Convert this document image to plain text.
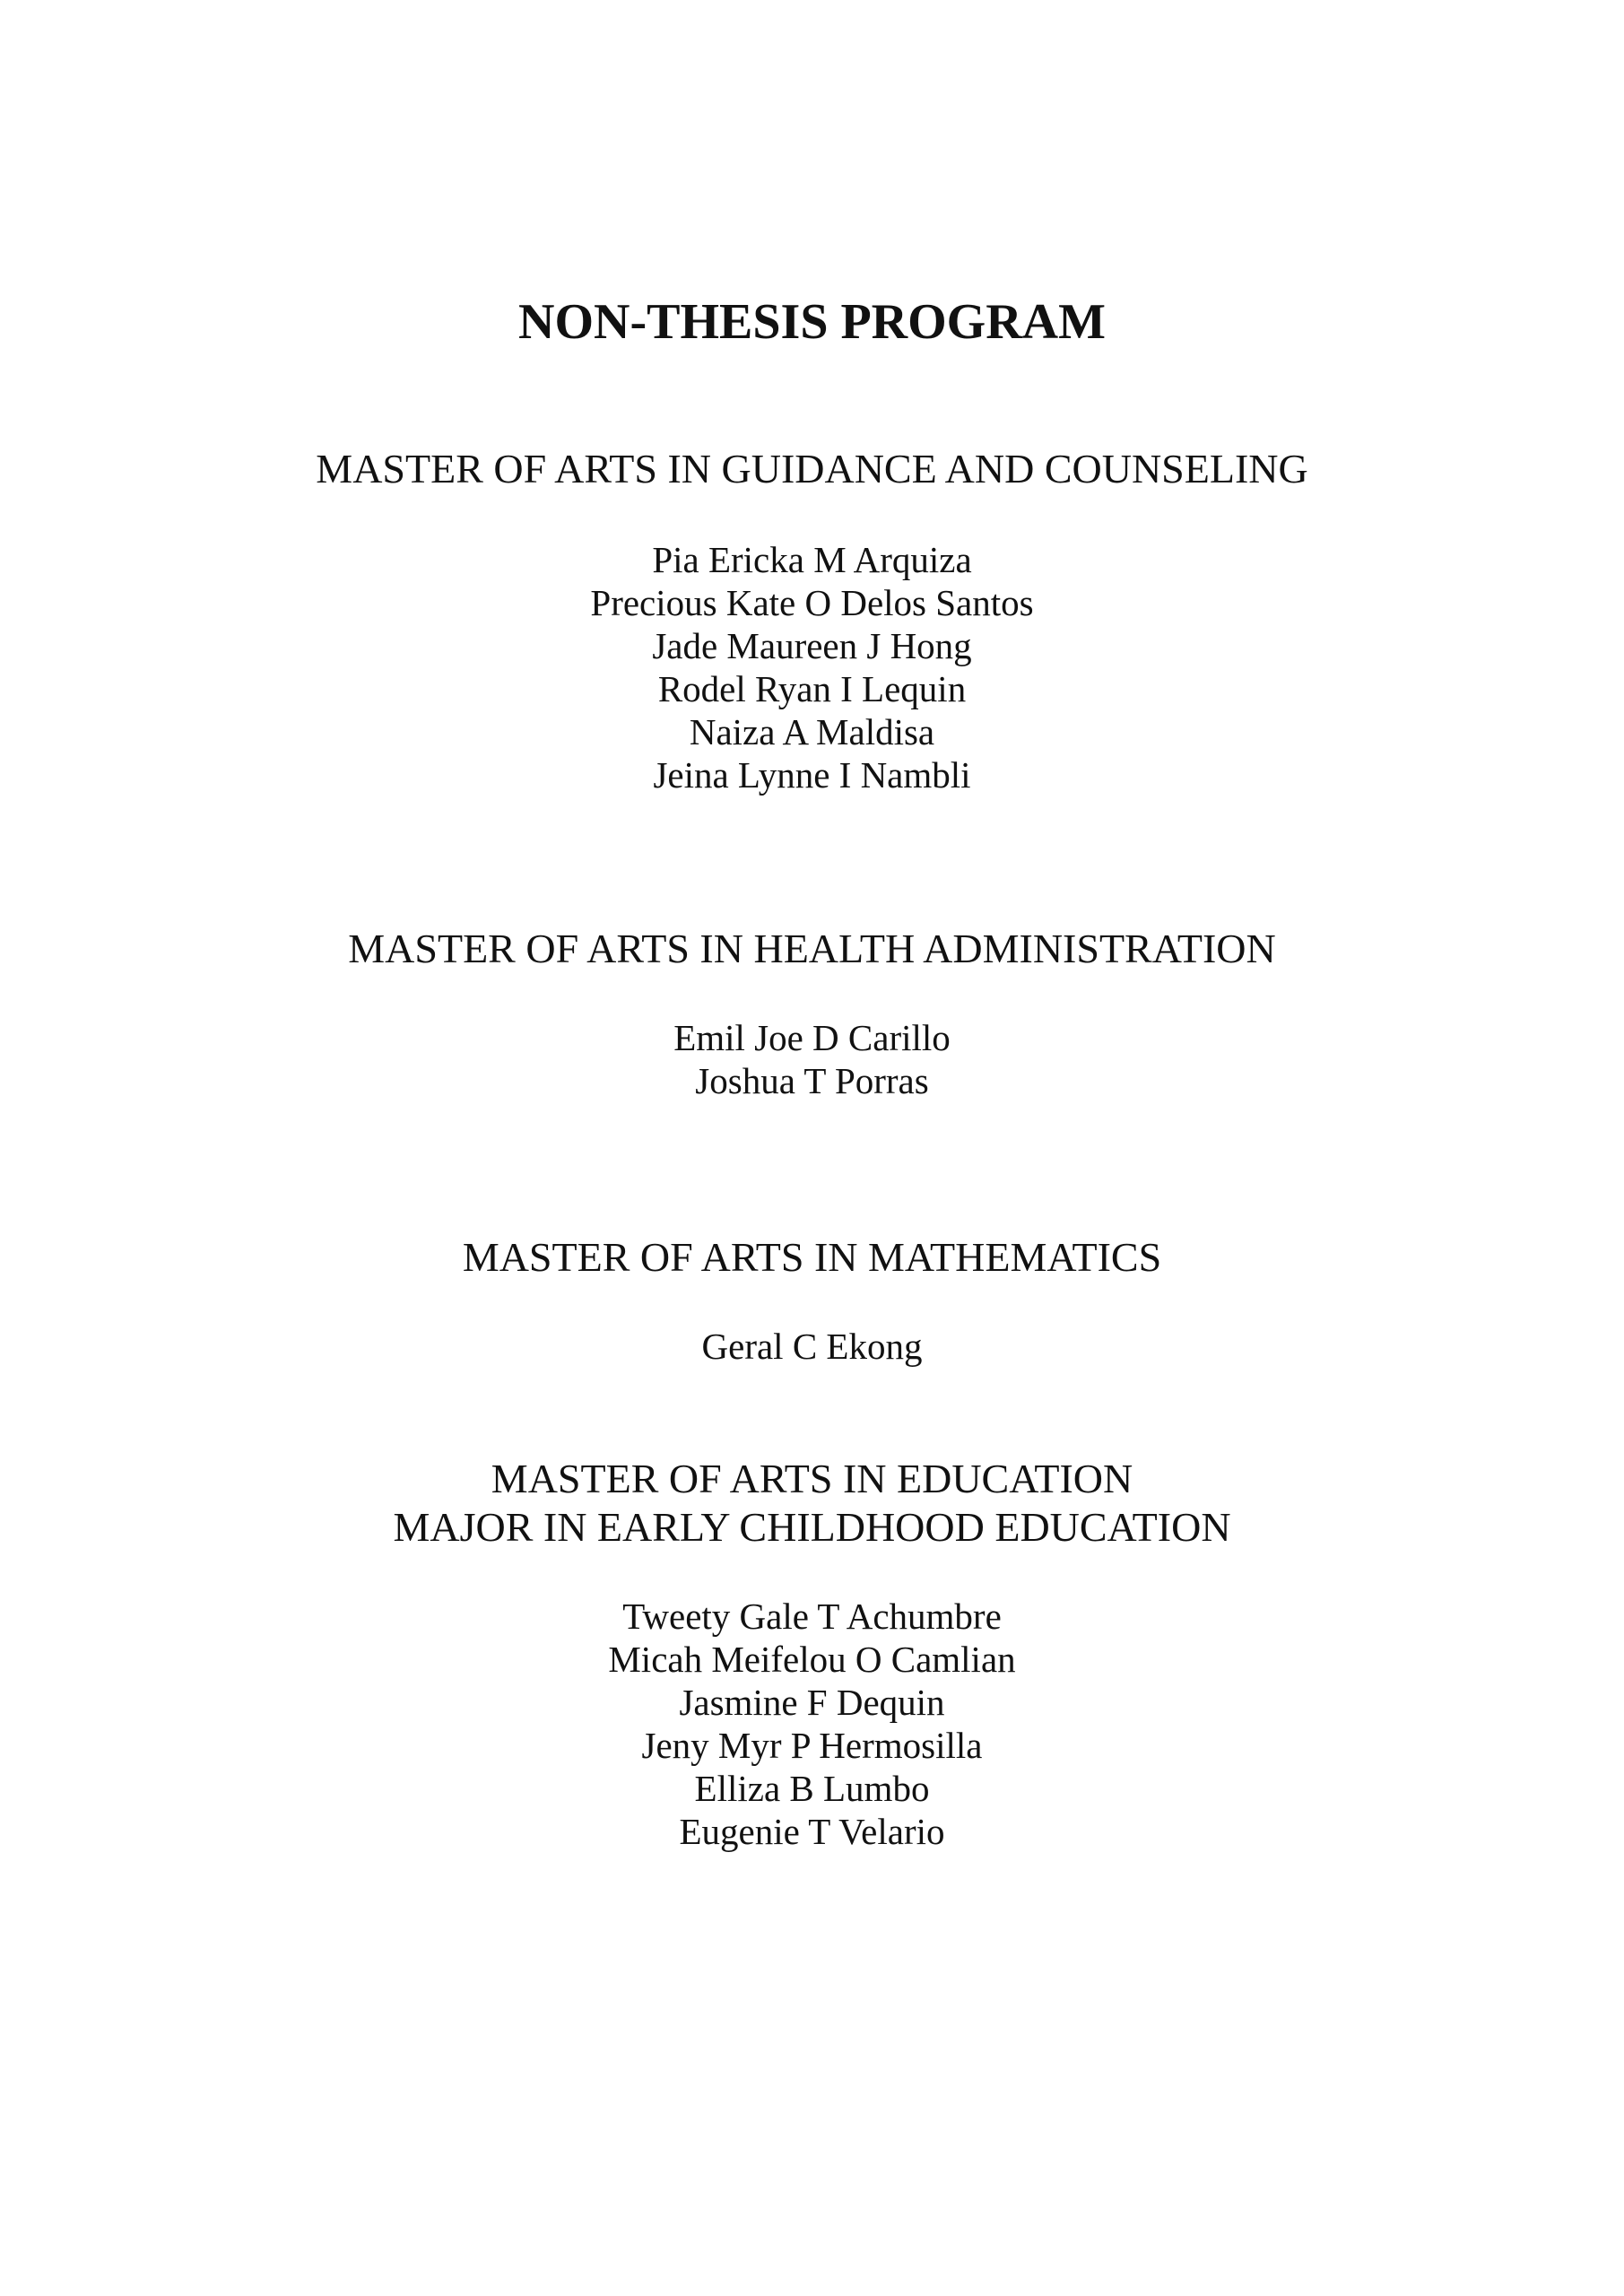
NON-THESIS PROGRAM
MASTER OF ARTS IN GUIDANCE AND COUNSELING
Pia Ericka M Arquiza
Precious Kate O Delos Santos
Jade Maureen J Hong
Rodel Ryan I Lequin
Naiza A Maldisa
Jeina Lynne I Nambli
MASTER OF ARTS IN HEALTH ADMINISTRATION
Emil Joe D Carillo
Joshua T Porras
MASTER OF ARTS IN MATHEMATICS
Geral C Ekong
MASTER OF ARTS IN EDUCATION
MAJOR IN EARLY CHILDHOOD EDUCATION
Tweety Gale T Achumbre
Micah Meifelou O Camlian
Jasmine F Dequin
Jeny Myr P Hermosilla
Elliza B Lumbo
Eugenie T Velario
